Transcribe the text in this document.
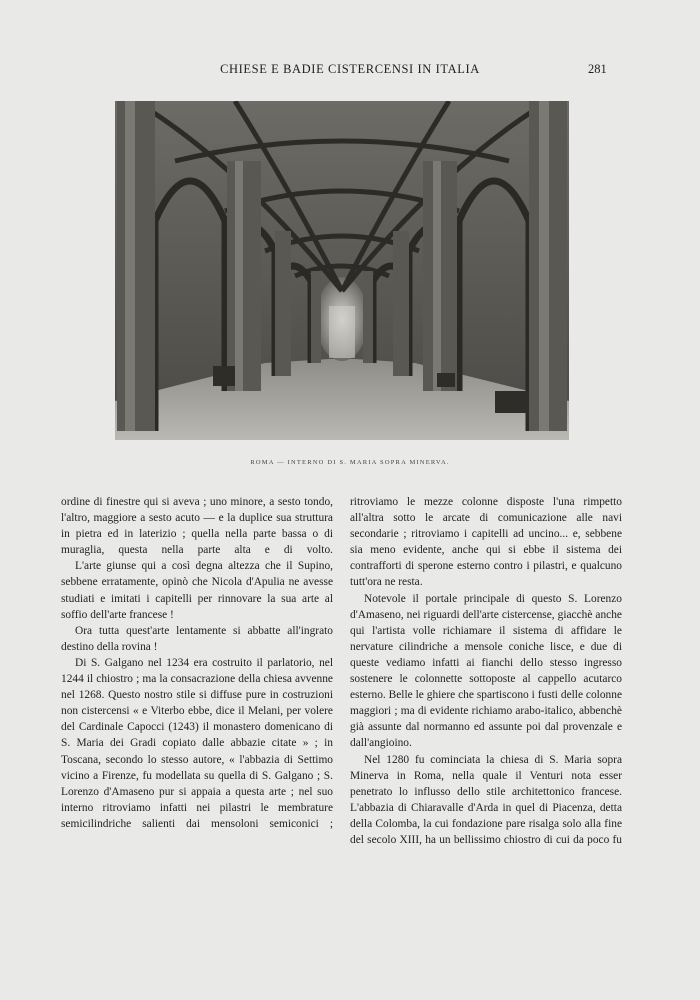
CHIESE E BADIE CISTERCENSI IN ITALIA	281
ROMA — INTERNO DI S. MARIA SOPRA MINERVA.

ordine di finestre qui si aveva ; uno minore, a sesto tondo, l'altro, maggiore a sesto acuto — e la duplice sua struttura in pietra ed in laterizio ; quella nella parte bassa o di muraglia, questa nella parte alta e di volto.

L'arte giunse qui a così degna altezza che il Supino, sebbene erratamente, opinò che Nicola d'Apulia ne avesse studiati e imitati i capitelli per rinnovare la sua arte al soffio dell'arte francese !

Ora tutta quest'arte lentamente si abbatte all'ingrato destino della rovina !

Di S. Galgano nel 1234 era costruito il parlatorio, nel 1244 il chiostro ; ma la consacrazione della chiesa avvenne nel 1268. Questo nostro stile si diffuse pure in costruzioni non cistercensi « e Viterbo ebbe, dice il Melani, per volere del Cardinale Capocci (1243) il monastero domenicano di S. Maria dei Gradi copiato dalle abbazie citate » ; in Toscana, secondo lo stesso autore, « l'abbazia di Settimo vicino a Firenze, fu modellata su quella di S. Galgano ; S. Lorenzo d'Amaseno pur si appaia a questa arte ; nel suo interno ritroviamo infatti nei pilastri le membrature semicilindriche salienti dai mensoloni semiconici ;

ritroviamo le mezze colonne disposte l'una rimpetto all'altra sotto le arcate di comunicazione alle navi secondarie ; ritroviamo i capitelli ad uncino... e, sebbene sia meno evidente, anche qui si ebbe il sistema dei contrafforti di sperone esterno contro i pilastri, e qualcuno tutt'ora ne resta.

Notevole il portale principale di questo S. Lorenzo d'Amaseno, nei riguardi dell'arte cistercense, giacchè anche qui l'artista volle richiamare il sistema di affidare le nervature cilindriche a mensole coniche lisce, e due di queste vediamo infatti ai fianchi dello stesso ingresso sostenere le colonnette sottoposte al cappello acutarco esterno. Belle le ghiere che spartiscono i fusti delle colonne maggiori ; ma di evidente richiamo arabo-italico, abbenchè già assunte dal normanno ed assunte poi dal provenzale e dall'angioino.

Nel 1280 fu cominciata la chiesa di S. Maria sopra Minerva in Roma, nella quale il Venturi nota esser penetrato lo influsso dello stile architettonico francese. L'abbazia di Chiaravalle d'Arda in quel di Piacenza, detta della Colomba, la cui fondazione pare risalga solo alla fine del secolo XIII, ha un bellissimo chiostro di cui da poco fu
